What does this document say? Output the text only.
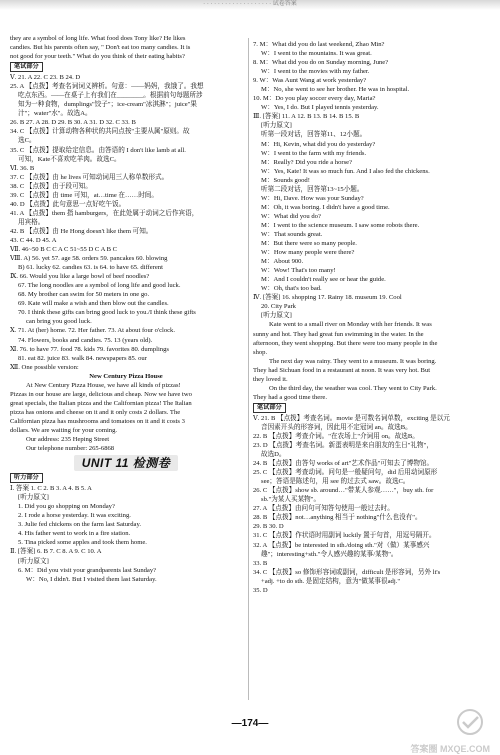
· · · · · · · · · · · · · · · · · · · 试卷答案
they are a symbol of long life. What food does Tony like? He likes
candies. But his parents often say, " Don't eat too many candies. It is
not good for your teeth." What do you think of their eating habits?
笔试部分
Ⅴ. 21. A 22. C 23. B 24. D
25. A 【点拨】考查名词词义辨析。句意：——妈妈，我饿了。我想
吃点东西。——在桌子上有我们在________。根据前句每题所涉
知为一种食物，dumplings"饺子"；ice-cream"冰淇淋"；juice"果
汁"；water"水"。故选A。
26. B 27. A 28. D 29. B 30. A 31. D 32. C 33. B
34. C 【点拨】计算动物各种状的共同点按"主要从属"原则。故
选C。
35. C 【点拨】提取给定信息。由答语的 I don't like lamb at all.
可知，Kate不喜欢吃羊肉。故选C。
Ⅵ. 36. B
37. C 【点拨】由 he lives 可知动词用三人称单数形式。
38. C 【点拨】由于段可知。
39. C 【点拨】由 time 可知，at…time 在……时间。
40. D 【点拨】此句意思一点好吃午饭。
41. A 【点拨】them 指 hamburgers，在此处属于动词之后作宾语，
用宾格。
42. B 【点拨】由 He Hong doesn't like them 可知。
43. C 44. D 45. A
Ⅶ. 46~50 B C C A C 51~55 D C A B C
Ⅷ. A) 56. yet 57. age 58. orders 59. pancakes 60. blowing
B) 61. lucky 62. candies 63. is 64. to have 65. different
Ⅸ. 66. Would you like a large bowl of beef noodles?
67. The long noodles are a symbol of long life and good luck.
68. My brother can swim for 50 meters in one go.
69. Kate will make a wish and then blow out the candles.
70. I think these gifts can bring good luck to you./I think these gifts
can bring you good luck.
Ⅹ. 71. At (her) home. 72. Her father. 73. At about four o'clock.
74. Flowers, books and candies. 75. 13 (years old).
Ⅺ. 76. to have 77. food 78. kids 79. favorites 80. dumplings
81. eat 82. juice 83. walk 84. newspapers 85. our
Ⅻ. One possible version:
New Century Pizza House
At New Century Pizza House, we have all kinds of pizzas!
Pizzas in our house are large, delicious and cheap. Now we have two
great specials, the Italian pizza and the Californian pizza! The Italian
pizza has onions and cheese on it and it only costs 2 dollars. The
Californian pizza has mushrooms and tomatoes on it and it costs 3
dollars. We are waiting for your coming.
Our address: 235 Heping Street
Our telephone number: 265-6868
UNIT 11 检测卷
听力部分
Ⅰ. 答案 1. C 2. B 3. A 4. B 5. A
[听力原文]
1. Did you go shopping on Monday?
2. I rode a horse yesterday. It was exciting.
3. Julie fed chickens on the farm last Saturday.
4. His father went to work in a fire station.
5. Tina picked some apples and took them home.
Ⅱ. [答案] 6. B 7. C 8. A 9. C 10. A
[听力原文]
6. M：Did you visit your grandparents last Sunday?
W：No, I didn't. But I visited them last Saturday.
7. M：What did you do last weekend, Zhao Min?
W：I went to the mountains. It was great.
8. M：What did you do on Sunday morning, June?
W：I went to the movies with my father.
9. W：Was Aunt Wang at work yesterday?
M：No, she went to see her brother. He was in hospital.
10. M：Do you play soccer every day, Maria?
W：Yes, I do. But I played tennis yesterday.
Ⅲ. [答案] 11. A 12. B 13. B 14. B 15. B
[听力原文]
听第一段对话，回答第11、12小题。
M：Hi, Kevin, what did you do yesterday?
W：I went to the farm with my friends.
M：Really? Did you ride a horse?
W：Yes, Kate! It was so much fun. And I also fed the chickens.
M：Sounds good!
听第二段对话，回答第13~15小题。
W：Hi, Dave. How was your Sunday?
M：Oh, it was boring. I didn't have a good time.
W：What did you do?
M：I went to the science museum. I saw some robots there.
W：That sounds great.
M：But there were so many people.
W：How many people were there?
M：About 900.
W：Wow! That's too many!
M：And I couldn't really see or hear the guide.
W：Oh, that's too bad.
Ⅳ. [答案] 16. shopping 17. Rainy 18. museum 19. Cool
20. City Park
[听力原文]
Kate went to a small river on Monday with her friends. It was
sunny and hot. They had great fun swimming in the water. In the
afternoon, they went shopping. But there were too many people in the
shop.
The next day was rainy. They went to a museum. It was boring.
They had Sichuan food in a restaurant at noon. It was very hot. But
they loved it.
On the third day, the weather was cool. They went to City Park.
They had a good time there.
笔试部分
Ⅴ. 21. B 【点拨】考查名词。movie 是可数名词单数，exciting 是以元
音因素开头的形容词，因此用不定冠词 an。故选B。
22. B 【点拨】考查介词。"在农场上"介词用 on。故选B。
23. D 【点拨】考查名词。新蛋表明是来自朋友的生日"礼物"，
故选D。
24. B 【点拨】由答句 works of art"艺术作品"可知去了博物馆。
25. C 【点拨】考查动词。问句是一般疑问句，did 后用动词原形
see；答语是陈述句，用 see 的过去式 saw。故选C。
26. C 【点拨】show sb. around…"带某人参观……"，buy sth. for
sb."为某人买某物"。
27. A 【点拨】由问句可知答句使用一般过去时。
28. B 【点拨】not…anything 相当于 nothing"什么也没有"。
29. B 30. D
31. C 【点拨】作状语时用副词 luckily 置于句首，用逗号隔开。
32. A 【点拨】be interested in sth./doing sth."对（做）某事感兴
趣"；interesting+sth."令人感兴趣的某事/某物"。
33. B
34. C 【点拨】so 修饰形容词或副词，difficult 是形容词，另外 lt's
+adj. +to do sth. 是固定结构，意为"做某事很adj."
35. D
—174—
答案圈 MXQE.COM
